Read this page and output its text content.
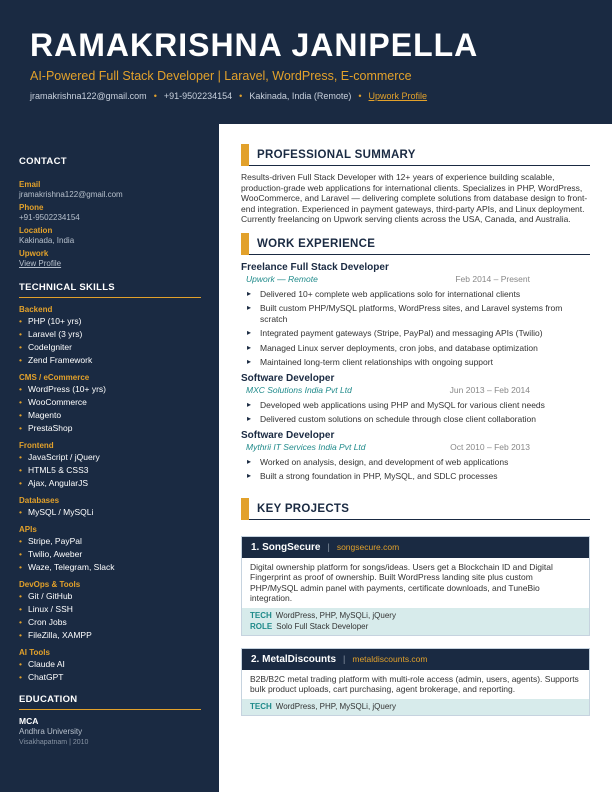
RAMAKRISHNA JANIPELLA
AI-Powered Full Stack Developer | Laravel, WordPress, E-commerce
jramakrishna122@gmail.com • +91-9502234154 • Kakinada, India (Remote) • Upwork Profile
CONTACT
Email
jramakrishna122@gmail.com
Phone
+91-9502234154
Location
Kakinada, India
Upwork
View Profile
TECHNICAL SKILLS
Backend
• PHP (10+ yrs)
• Laravel (3 yrs)
• CodeIgniter
• Zend Framework
CMS / eCommerce
• WordPress (10+ yrs)
• WooCommerce
• Magento
• PrestaShop
Frontend
• JavaScript / jQuery
• HTML5 & CSS3
• Ajax, AngularJS
Databases
• MySQL / MySQLi
APIs
• Stripe, PayPal
• Twilio, Aweber
• Waze, Telegram, Slack
DevOps & Tools
• Git / GitHub
• Linux / SSH
• Cron Jobs
• FileZilla, XAMPP
AI Tools
• Claude AI
• ChatGPT
EDUCATION
MCA
Andhra University
Visakhapatnam | 2010
PROFESSIONAL SUMMARY
Results-driven Full Stack Developer with 12+ years of experience building scalable, production-grade web applications for international clients. Specializes in PHP, WordPress, WooCommerce, and Laravel — delivering complete solutions from database design to front-end integration. Experienced in payment gateways, third-party APIs, and Linux deployment. Currently freelancing on Upwork serving clients across the USA, Canada, and Australia.
WORK EXPERIENCE
Freelance Full Stack Developer
Upwork — Remote	Feb 2014 – Present
▸ Delivered 10+ complete web applications solo for international clients
▸ Built custom PHP/MySQL platforms, WordPress sites, and Laravel systems from scratch
▸ Integrated payment gateways (Stripe, PayPal) and messaging APIs (Twilio)
▸ Managed Linux server deployments, cron jobs, and database optimization
▸ Maintained long-term client relationships with ongoing support
Software Developer
MXC Solutions India Pvt Ltd	Jun 2013 – Feb 2014
▸ Developed web applications using PHP and MySQL for various client needs
▸ Delivered custom solutions on schedule through close client collaboration
Software Developer
Mythrii IT Services India Pvt Ltd	Oct 2010 – Feb 2013
▸ Worked on analysis, design, and development of web applications
▸ Built a strong foundation in PHP, MySQL, and SDLC processes
KEY PROJECTS
1. SongSecure | songsecure.com
Digital ownership platform for songs/ideas. Users get a Blockchain ID and Digital Fingerprint as proof of ownership. Built WordPress landing site plus custom PHP/MySQL admin panel with payments, certificate downloads, and TuneBio integration.
TECH WordPress, PHP, MySQLi, jQuery
ROLE Solo Full Stack Developer
2. MetalDiscounts | metaldiscounts.com
B2B/B2C metal trading platform with multi-role access (admin, users, agents). Supports bulk product uploads, cart purchasing, agent brokerage, and reporting.
TECH WordPress, PHP, MySQLi, jQuery
